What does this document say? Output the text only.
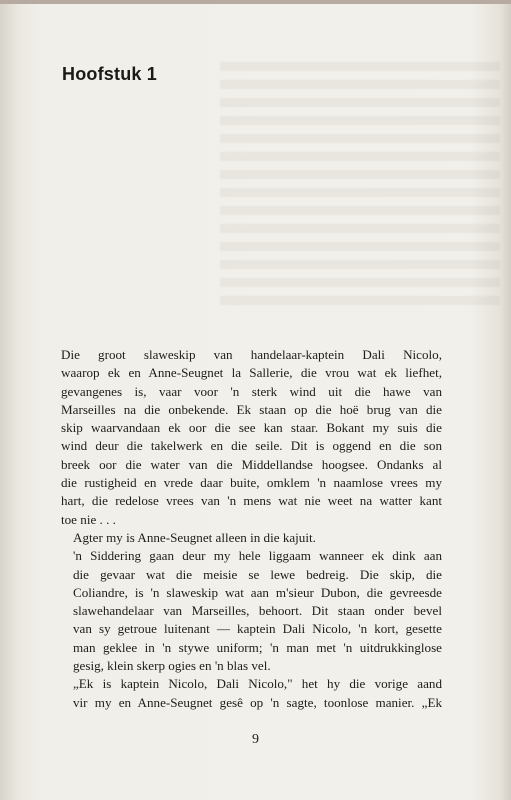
Hoofstuk 1

Die groot slaweskip van handelaar-kaptein Dali Nicolo,
waarop ek en Anne-Seugnet la Sallerie, die vrou wat ek liefhet,
gevangenes is, vaar voor 'n sterk wind uit die hawe van
Marseilles na die onbekende. Ek staan op die hoë brug van die
skip waarvandaan ek oor die see kan staar. Bokant my suis die
wind deur die takelwerk en die seile. Dit is oggend en die son
breek oor die water van die Middellandse hoogsee. Ondanks al
die rustigheid en vrede daar buite, omklem 'n naamlose vrees my
hart, die redelose vrees van 'n mens wat nie weet na watter kant
toe nie . . .

Agter my is Anne-Seugnet alleen in die kajuit.

'n Siddering gaan deur my hele liggaam wanneer ek dink aan
die gevaar wat die meisie se lewe bedreig. Die skip, die
Coliandre, is 'n slaweskip wat aan m'sieur Dubon, die gevreesde
slawehandelaar van Marseilles, behoort. Dit staan onder bevel
van sy getroue luitenant — kaptein Dali Nicolo, 'n kort, gesette
man geklee in 'n stywe uniform; 'n man met 'n uitdrukkinglose
gesig, klein skerp ogies en 'n blas vel.

„Ek is kaptein Nicolo, Dali Nicolo," het hy die vorige aand
vir my en Anne-Seugnet gesê op 'n sagte, toonlose manier. „Ek

9
